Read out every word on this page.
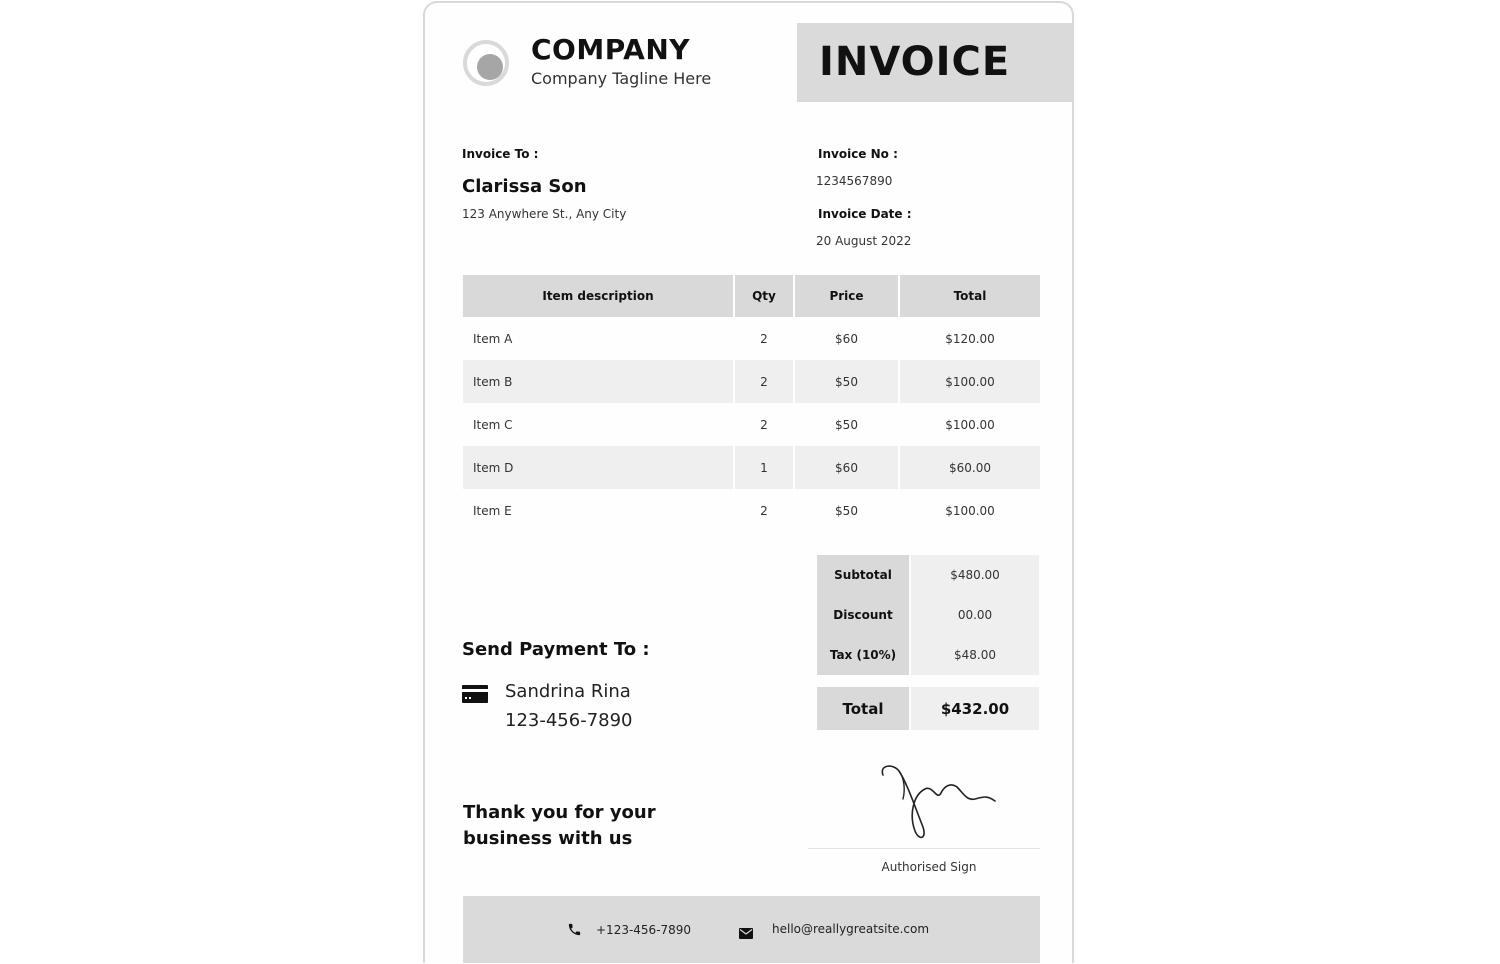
COMPANY
Company Tagline Here	INVOICE
Invoice To :
Clarissa Son
123 Anywhere St., Any City
Invoice No :
1234567890
Invoice Date :
20 August 2022
Item description	Qty	Price	Total
Item A	2	$60	$120.00
Item B	2	$50	$100.00
Item C	2	$50	$100.00
Item D	1	$60	$60.00
Item E	2	$50	$100.00
Subtotal	$480.00
Discount	00.00
Tax (10%)	$48.00
Total	$432.00
Send Payment To :
Sandrina Rina
123-456-7890
Thank you for your
business with us
Authorised Sign
+123-456-7890	hello@reallygreatsite.com
